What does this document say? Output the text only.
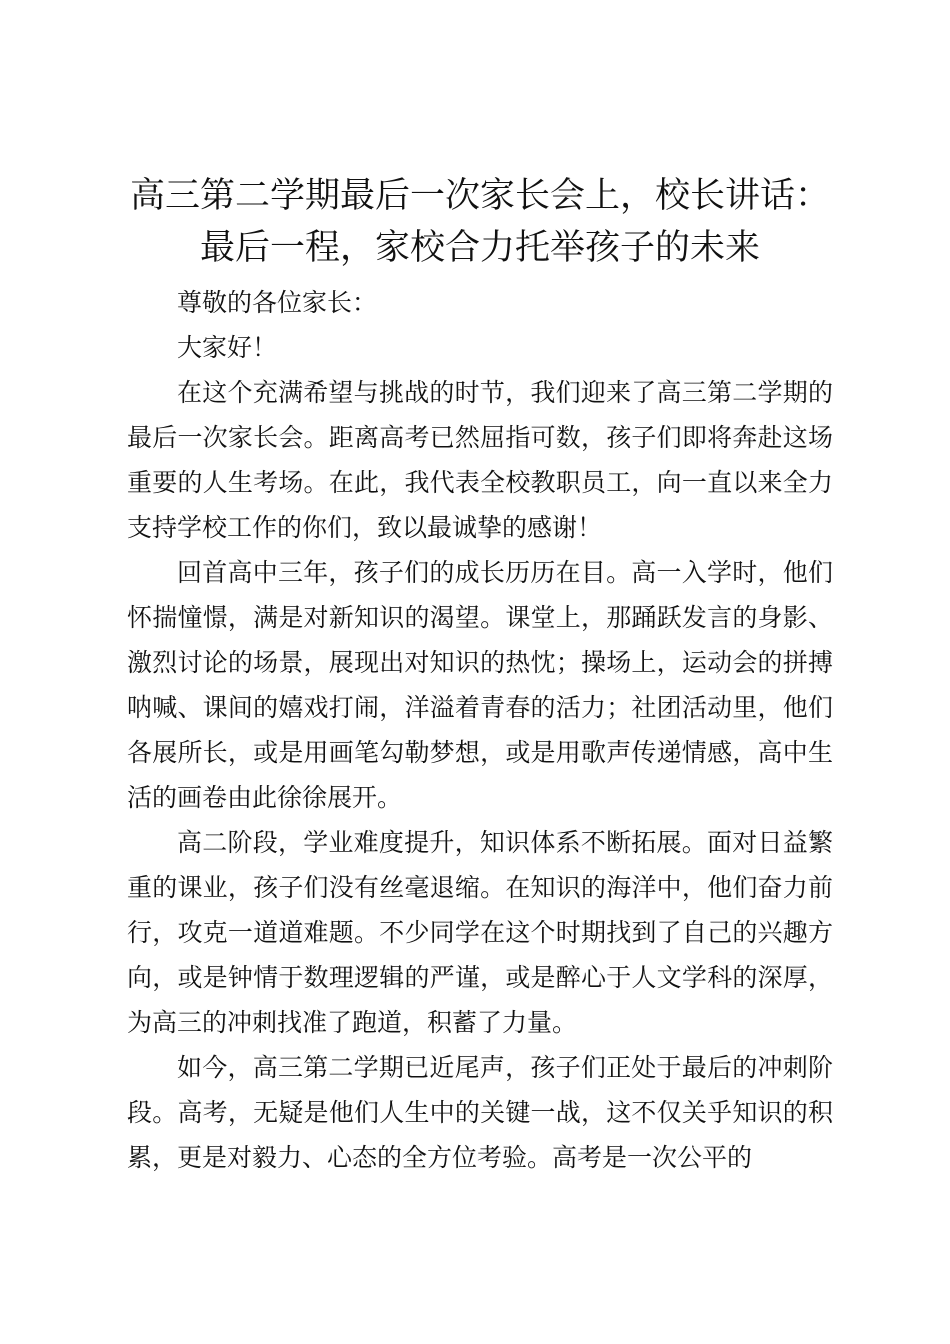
高三第二学期最后一次家长会上，校长讲话：
最后一程，家校合力托举孩子的未来

尊敬的各位家长：

大家好！

在这个充满希望与挑战的时节，我们迎来了高三第二学期的最后一次家长会。距离高考已然屈指可数，孩子们即将奔赴这场重要的人生考场。在此，我代表全校教职员工，向一直以来全力支持学校工作的你们，致以最诚挚的感谢！

回首高中三年，孩子们的成长历历在目。高一入学时，他们怀揣憧憬，满是对新知识的渴望。课堂上，那踊跃发言的身影、激烈讨论的场景，展现出对知识的热忱；操场上，运动会的拼搏呐喊、课间的嬉戏打闹，洋溢着青春的活力；社团活动里，他们各展所长，或是用画笔勾勒梦想，或是用歌声传递情感，高中生活的画卷由此徐徐展开。

高二阶段，学业难度提升，知识体系不断拓展。面对日益繁重的课业，孩子们没有丝毫退缩。在知识的海洋中，他们奋力前行，攻克一道道难题。不少同学在这个时期找到了自己的兴趣方向，或是钟情于数理逻辑的严谨，或是醉心于人文学科的深厚，为高三的冲刺找准了跑道，积蓄了力量。

如今，高三第二学期已近尾声，孩子们正处于最后的冲刺阶段。高考，无疑是他们人生中的关键一战，这不仅关乎知识的积累，更是对毅力、心态的全方位考验。高考是一次公平的
